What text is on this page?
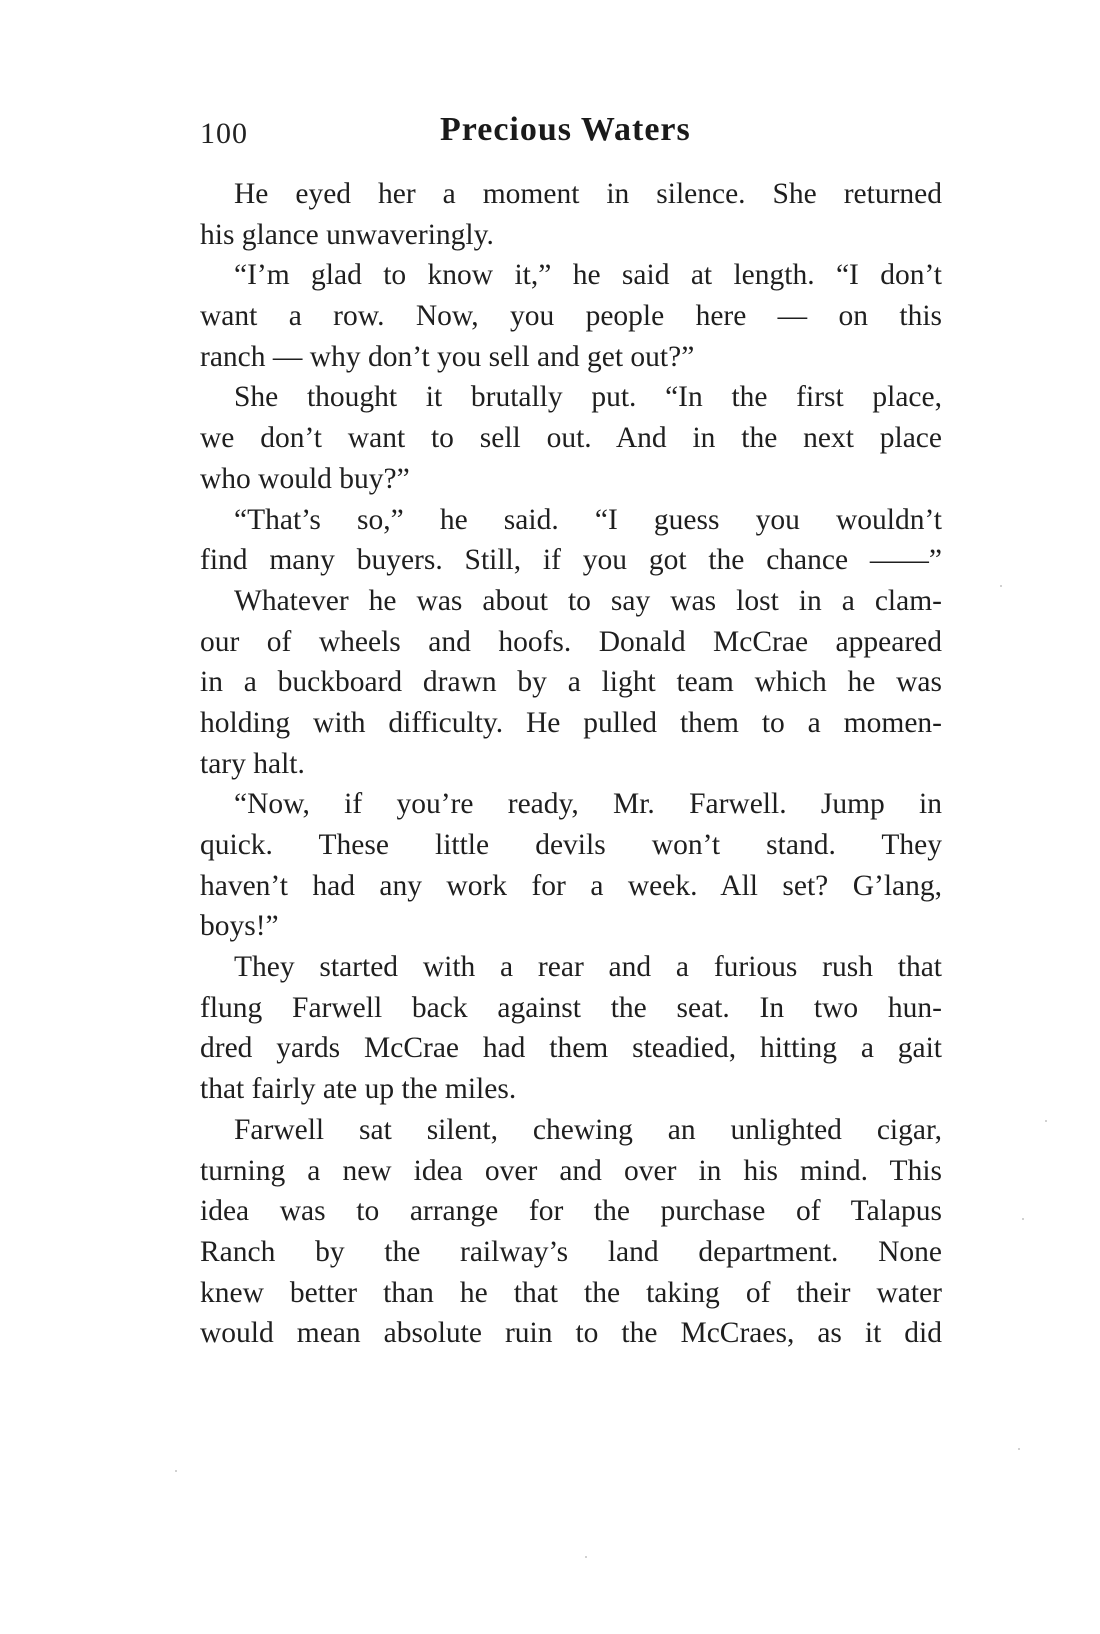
100	Precious Waters
He eyed her a moment in silence. She returned
his glance unwaveringly.
“I’m glad to know it,” he said at length. “I don’t
want a row. Now, you people here — on this
ranch — why don’t you sell and get out?”
She thought it brutally put. “In the first place,
we don’t want to sell out. And in the next place
who would buy?”
“That’s so,” he said. “I guess you wouldn’t
find many buyers. Still, if you got the chance ——”
Whatever he was about to say was lost in a clam-
our of wheels and hoofs. Donald McCrae appeared
in a buckboard drawn by a light team which he was
holding with difficulty. He pulled them to a momen-
tary halt.
“Now, if you’re ready, Mr. Farwell. Jump in
quick. These little devils won’t stand. They
haven’t had any work for a week. All set? G’lang,
boys!”
They started with a rear and a furious rush that
flung Farwell back against the seat. In two hun-
dred yards McCrae had them steadied, hitting a gait
that fairly ate up the miles.
Farwell sat silent, chewing an unlighted cigar,
turning a new idea over and over in his mind. This
idea was to arrange for the purchase of Talapus
Ranch by the railway’s land department. None
knew better than he that the taking of their water
would mean absolute ruin to the McCraes, as it did
